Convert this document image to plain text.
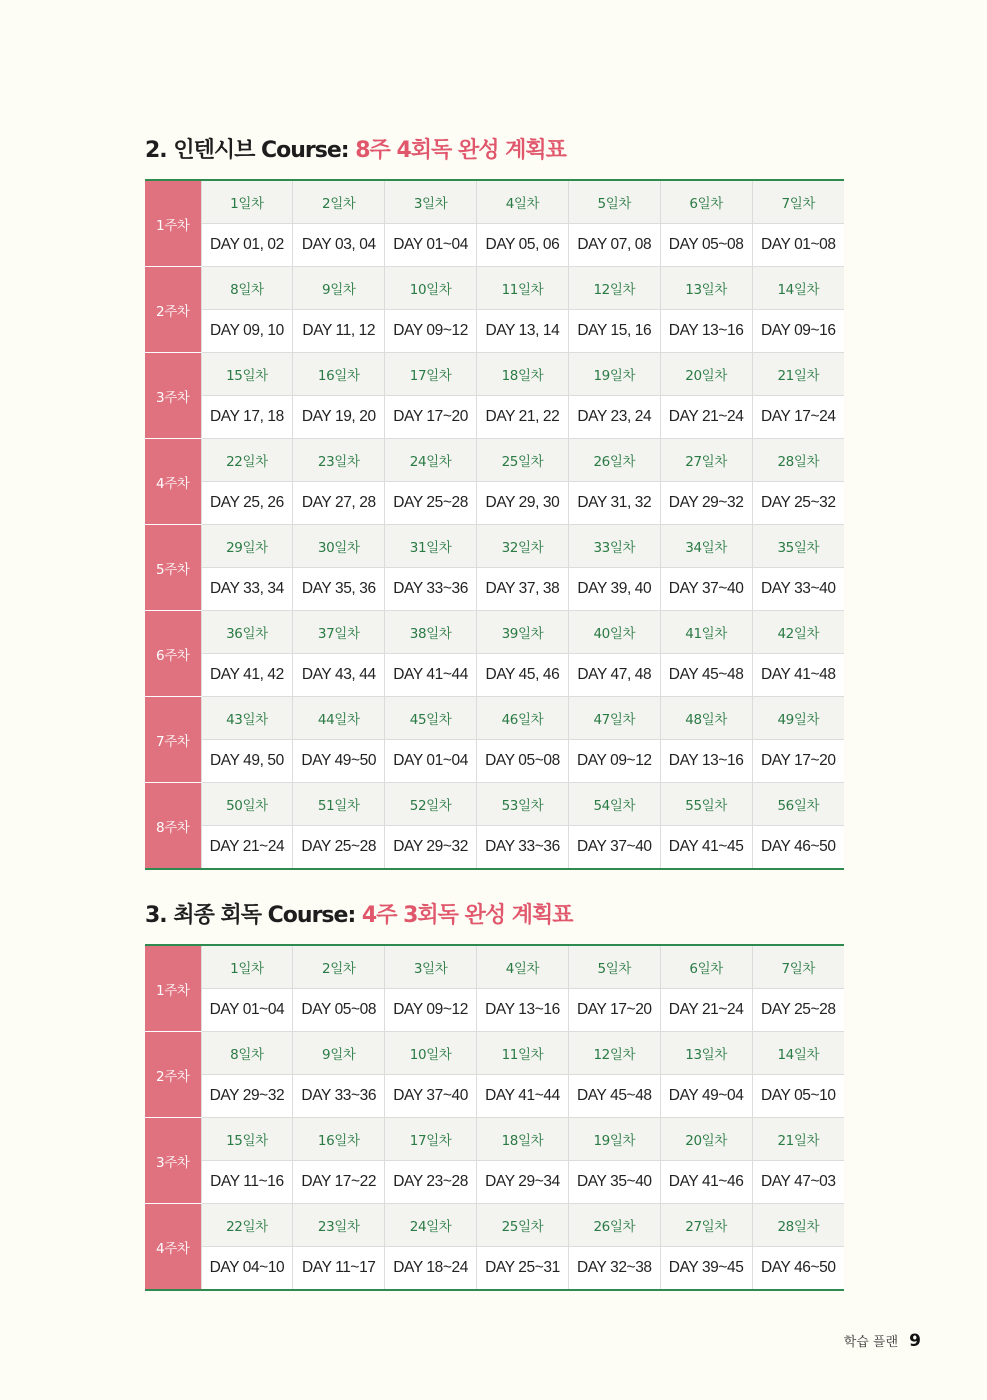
2. 인텐시브 Course: 8주 4회독 완성 계획표
1주차	1일차	2일차	3일차	4일차	5일차	6일차	7일차
	DAY 01, 02	DAY 03, 04	DAY 01~04	DAY 05, 06	DAY 07, 08	DAY 05~08	DAY 01~08
2주차	8일차	9일차	10일차	11일차	12일차	13일차	14일차
	DAY 09, 10	DAY 11, 12	DAY 09~12	DAY 13, 14	DAY 15, 16	DAY 13~16	DAY 09~16
3주차	15일차	16일차	17일차	18일차	19일차	20일차	21일차
	DAY 17, 18	DAY 19, 20	DAY 17~20	DAY 21, 22	DAY 23, 24	DAY 21~24	DAY 17~24
4주차	22일차	23일차	24일차	25일차	26일차	27일차	28일차
	DAY 25, 26	DAY 27, 28	DAY 25~28	DAY 29, 30	DAY 31, 32	DAY 29~32	DAY 25~32
5주차	29일차	30일차	31일차	32일차	33일차	34일차	35일차
	DAY 33, 34	DAY 35, 36	DAY 33~36	DAY 37, 38	DAY 39, 40	DAY 37~40	DAY 33~40
6주차	36일차	37일차	38일차	39일차	40일차	41일차	42일차
	DAY 41, 42	DAY 43, 44	DAY 41~44	DAY 45, 46	DAY 47, 48	DAY 45~48	DAY 41~48
7주차	43일차	44일차	45일차	46일차	47일차	48일차	49일차
	DAY 49, 50	DAY 49~50	DAY 01~04	DAY 05~08	DAY 09~12	DAY 13~16	DAY 17~20
8주차	50일차	51일차	52일차	53일차	54일차	55일차	56일차
	DAY 21~24	DAY 25~28	DAY 29~32	DAY 33~36	DAY 37~40	DAY 41~45	DAY 46~50
3. 최종 회독 Course: 4주 3회독 완성 계획표
1주차	1일차	2일차	3일차	4일차	5일차	6일차	7일차
	DAY 01~04	DAY 05~08	DAY 09~12	DAY 13~16	DAY 17~20	DAY 21~24	DAY 25~28
2주차	8일차	9일차	10일차	11일차	12일차	13일차	14일차
	DAY 29~32	DAY 33~36	DAY 37~40	DAY 41~44	DAY 45~48	DAY 49~04	DAY 05~10
3주차	15일차	16일차	17일차	18일차	19일차	20일차	21일차
	DAY 11~16	DAY 17~22	DAY 23~28	DAY 29~34	DAY 35~40	DAY 41~46	DAY 47~03
4주차	22일차	23일차	24일차	25일차	26일차	27일차	28일차
	DAY 04~10	DAY 11~17	DAY 18~24	DAY 25~31	DAY 32~38	DAY 39~45	DAY 46~50
학습 플랜 9
